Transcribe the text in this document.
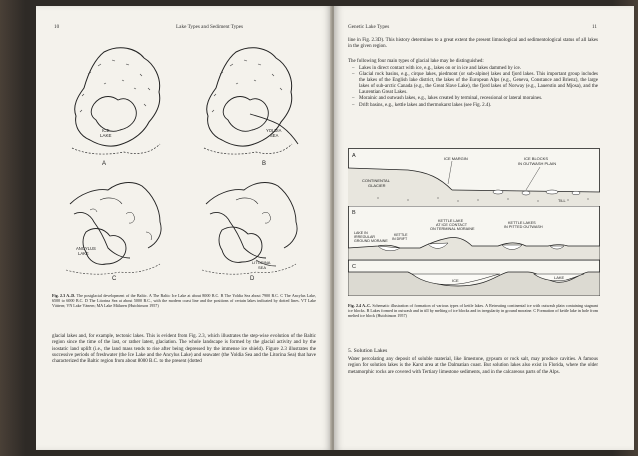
10	Lake Types and Sediment Types
ICE
LAKE
A
YOLDIA
SEA
B
ANCYLUS
LAKE
C
LITORINA
SEA
D

Fig. 2.3 A–D. The postglacial development of the Baltic. A The Baltic Ice Lake at about 8000 B.C. B The Yoldia Sea about 7900 B.C. C The Ancylus Lake, 6500 to 6000 B.C. D The Litorina Sea at about 5000 B.C., with the modern coast line and the positions of certain lakes indicated by dotted lines. VT Lake Vättern; VN Lake Vänern; MA Lake Mälaren (Hutchinson 1957)

glacial lakes and, for example, tectonic lakes. This is evident from Fig. 2.3, which illustrates the step-wise evolution of the Baltic region since the time of the last, or rather latest, glaciation. The whole landscape is formed by the glacial activity and by the isostatic land uplift (i.e., the land mass tends to rise after being depressed by the immense ice shield). Figure 2.3 illustrates the successive periods of freshwater (the Ice Lake and the Ancylus Lake) and seawater (the Yoldia Sea and the Litorina Sea) that have characterized the Baltic region from about 8000 B.C. to the present (dotted

Genetic Lake Types	11

line in Fig. 2.3D). This history determines to a great extent the present limnological and sedimentological status of all lakes in the given region.

The following four main types of glacial lake may be distinguished:

– Lakes in direct contact with ice, e.g., lakes on or in ice and lakes dammed by ice.
– Glacial rock basins, e.g., cirque lakes, piedmont (or sub-alpine) lakes and fjord lakes. This important group includes the lakes of the English lake district, the lakes of the European Alps (e.g., Geneva, Constance and Brienz), the large lakes of sub-arctic Canada (e.g., the Great Slave Lake), the fjord lakes of Norway (e.g., Lauerstin and Mjosa), and the Laurentian Great Lakes.
– Morainic and outwash lakes, e.g., lakes created by terminal, recessional or lateral moraines.
– Drift basins, e.g., kettle lakes and thermokarst lakes (see Fig. 2.4).
A	ICE MARGIN	ICE BLOCKS
IN OUTWASH PLAIN
CONTINENTAL
GLACIER
TILL
B
KETTLE LAKE
AT ICE CONTACT
ON TERMINAL MORAINE
KETTLE LAKES
IN PITTED OUTWASH
LAKE IN
IRREGULAR
GROUND MORAINE
KETTLE
IN DRIFT
C
ICE
LAKE

Fig. 2.4 A–C. Schematic illustration of formation of various types of kettle lakes. A Retreating continental ice with outwash plain containing stagnant ice blocks. B Lakes formed in outwash and in till by melting of ice blocks and in irregularity in ground moraine. C Formation of kettle lake in hole from melted ice block (Hutchinson 1957)

5. Solution Lakes

Water percolating any deposit of soluble material, like limestone, gypsum or rock salt, may produce cavities. A famous region for solution lakes is the Karst area at the Dalmatian coast. But solution lakes also exist in Florida, where the older metamorphic rocks are covered with Tertiary limestone sediments, and in the calcareous parts of the Alps.
